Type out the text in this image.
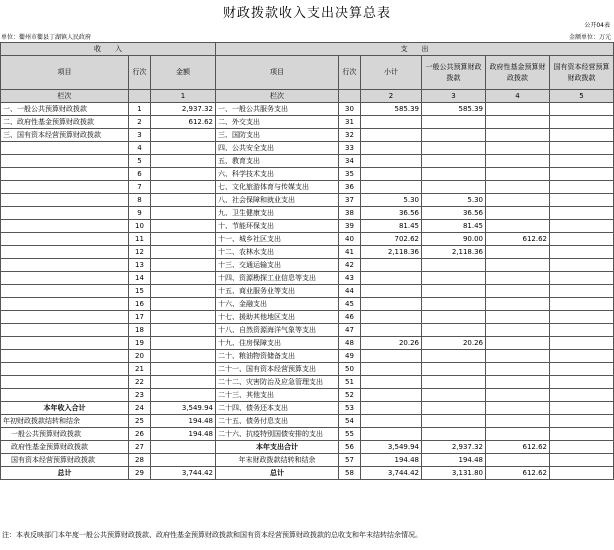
财政拨款收入支出决算总表
公开04表
单位：衢州市衢县丁湖镇人民政府	金额单位：万元
收　　入			支　　出					
项目	行次	金额	项目	行次	小计	一般公共预算财政拨款	政府性基金预算财政拨款	国有资本经营预算财政拨款
栏次		1	栏次		2	3	4	5
一、一般公共预算财政拨款	1	2,937.32	一、一般公共服务支出	30	585.39	585.39		
二、政府性基金预算财政拨款	2	612.62	二、外交支出	31				
三、国有资本经营预算财政拨款	3		三、国防支出	32				
	4		四、公共安全支出	33				
	5		五、教育支出	34				
	6		六、科学技术支出	35				
	7		七、文化旅游体育与传媒支出	36				
	8		八、社会保障和就业支出	37	5.30	5.30		
	9		九、卫生健康支出	38	36.56	36.56		
	10		十、节能环保支出	39	81.45	81.45		
	11		十一、城乡社区支出	40	702.62	90.00	612.62	
	12		十二、农林水支出	41	2,118.36	2,118.36		
	13		十三、交通运输支出	42				
	14		十四、资源勘探工业信息等支出	43				
	15		十五、商业服务业等支出	44				
	16		十六、金融支出	45				
	17		十七、援助其他地区支出	46				
	18		十八、自然资源海洋气象等支出	47				
	19		十九、住房保障支出	48	20.26	20.26		
	20		二十、粮油物资储备支出	49				
	21		二十一、国有资本经营预算支出	50				
	22		二十二、灾害防治及应急管理支出	51				
	23		二十三、其他支出	52				
本年收入合计	24	3,549.94	二十四、债务还本支出	53				
年初财政拨款结转和结余	25	194.48	二十五、债务付息支出	54				
一般公共预算财政拨款	26	194.48	二十六、抗疫特别国债安排的支出	55				
政府性基金预算财政拨款	27		本年支出合计	56	3,549.94	2,937.32	612.62	
国有资本经营预算财政拨款	28		年末财政拨款结转和结余	57	194.48	194.48		
总计	29	3,744.42	总计	58	3,744.42	3,131.80	612.62	
注：本表反映部门本年度一般公共预算财政拨款、政府性基金预算财政拨款和国有资本经营预算财政拨款的总收支和年末结转结余情况。
